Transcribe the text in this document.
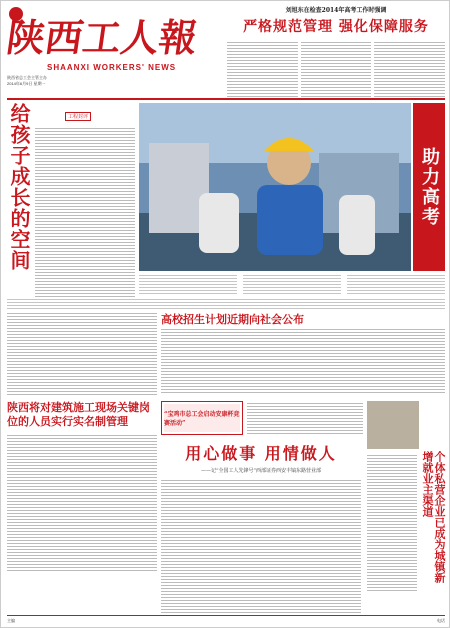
陕
西
工
人
報
SHAANXI WORKERS' NEWS
陕西省总工会主管主办
2014年6月9日 星期一
刘旭东在检查2014年高考工作时强调
严格规范管理 强化保障服务
给孩子成长的空间	工程封评
助力高考
高校招生计划近期向社会公布
陕西将对建筑施工现场关键岗位的人员实行实名制管理
“宝鸡市总工会启动安康杯竞赛活动”
用心做事 用情做人
——记“全国工人先锋号”西部证券西安丰镐东路营业部	个体私营企业已成为城镇新增就业主渠道
主编	电话
